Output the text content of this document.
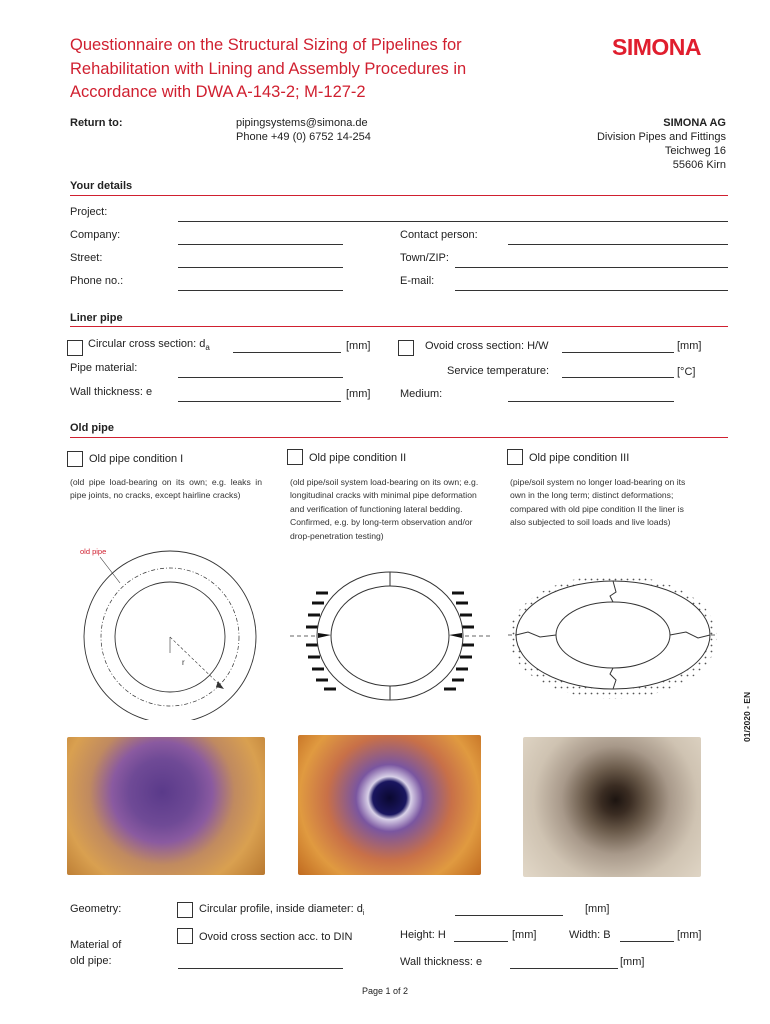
Questionnaire on the Structural Sizing of Pipelines for Rehabilitation with Lining and Assembly Procedures in Accordance with DWA A-143-2; M-127-2
SIMONA
Return to:	pipingsystems@simona.de
Phone +49 (0) 6752 14-254
SIMONA AG
Division Pipes and Fittings
Teichweg 16
55606 Kirn
Your details
Project:
Company:	Contact person:
Street:	Town/ZIP:
Phone no.:	E-mail:
Liner pipe
Circular cross section: $d_a$	[mm]	Ovoid cross section: H/W	[mm]
Pipe material:	Service temperature:	[°C]
Wall thickness: e	[mm]	Medium:
Old pipe
Old pipe condition I	Old pipe condition II	Old pipe condition III
(old pipe load-bearing on its own; e.g. leaks in pipe joints, no cracks, except hairline cracks)
(old pipe/soil system load-bearing on its own; e.g. longitudinal cracks with minimal pipe deformation and verification of functioning lateral bedding. Confirmed, e.g. by long-term observation and/or drop-penetration testing)
(pipe/soil system no longer load-bearing on its own in the long term; distinct deformations; compared with old pipe condition II the liner is also subjected to soil loads and live loads)
old pipe
r
01/2020 - EN
Geometry:	Circular profile, inside diameter: $d_i$	[mm]
Ovoid cross section acc. to DIN	Height: H	[mm]	Width: B	[mm]
Material of
old pipe:	Wall thickness: e	[mm]
Page 1 of 2
